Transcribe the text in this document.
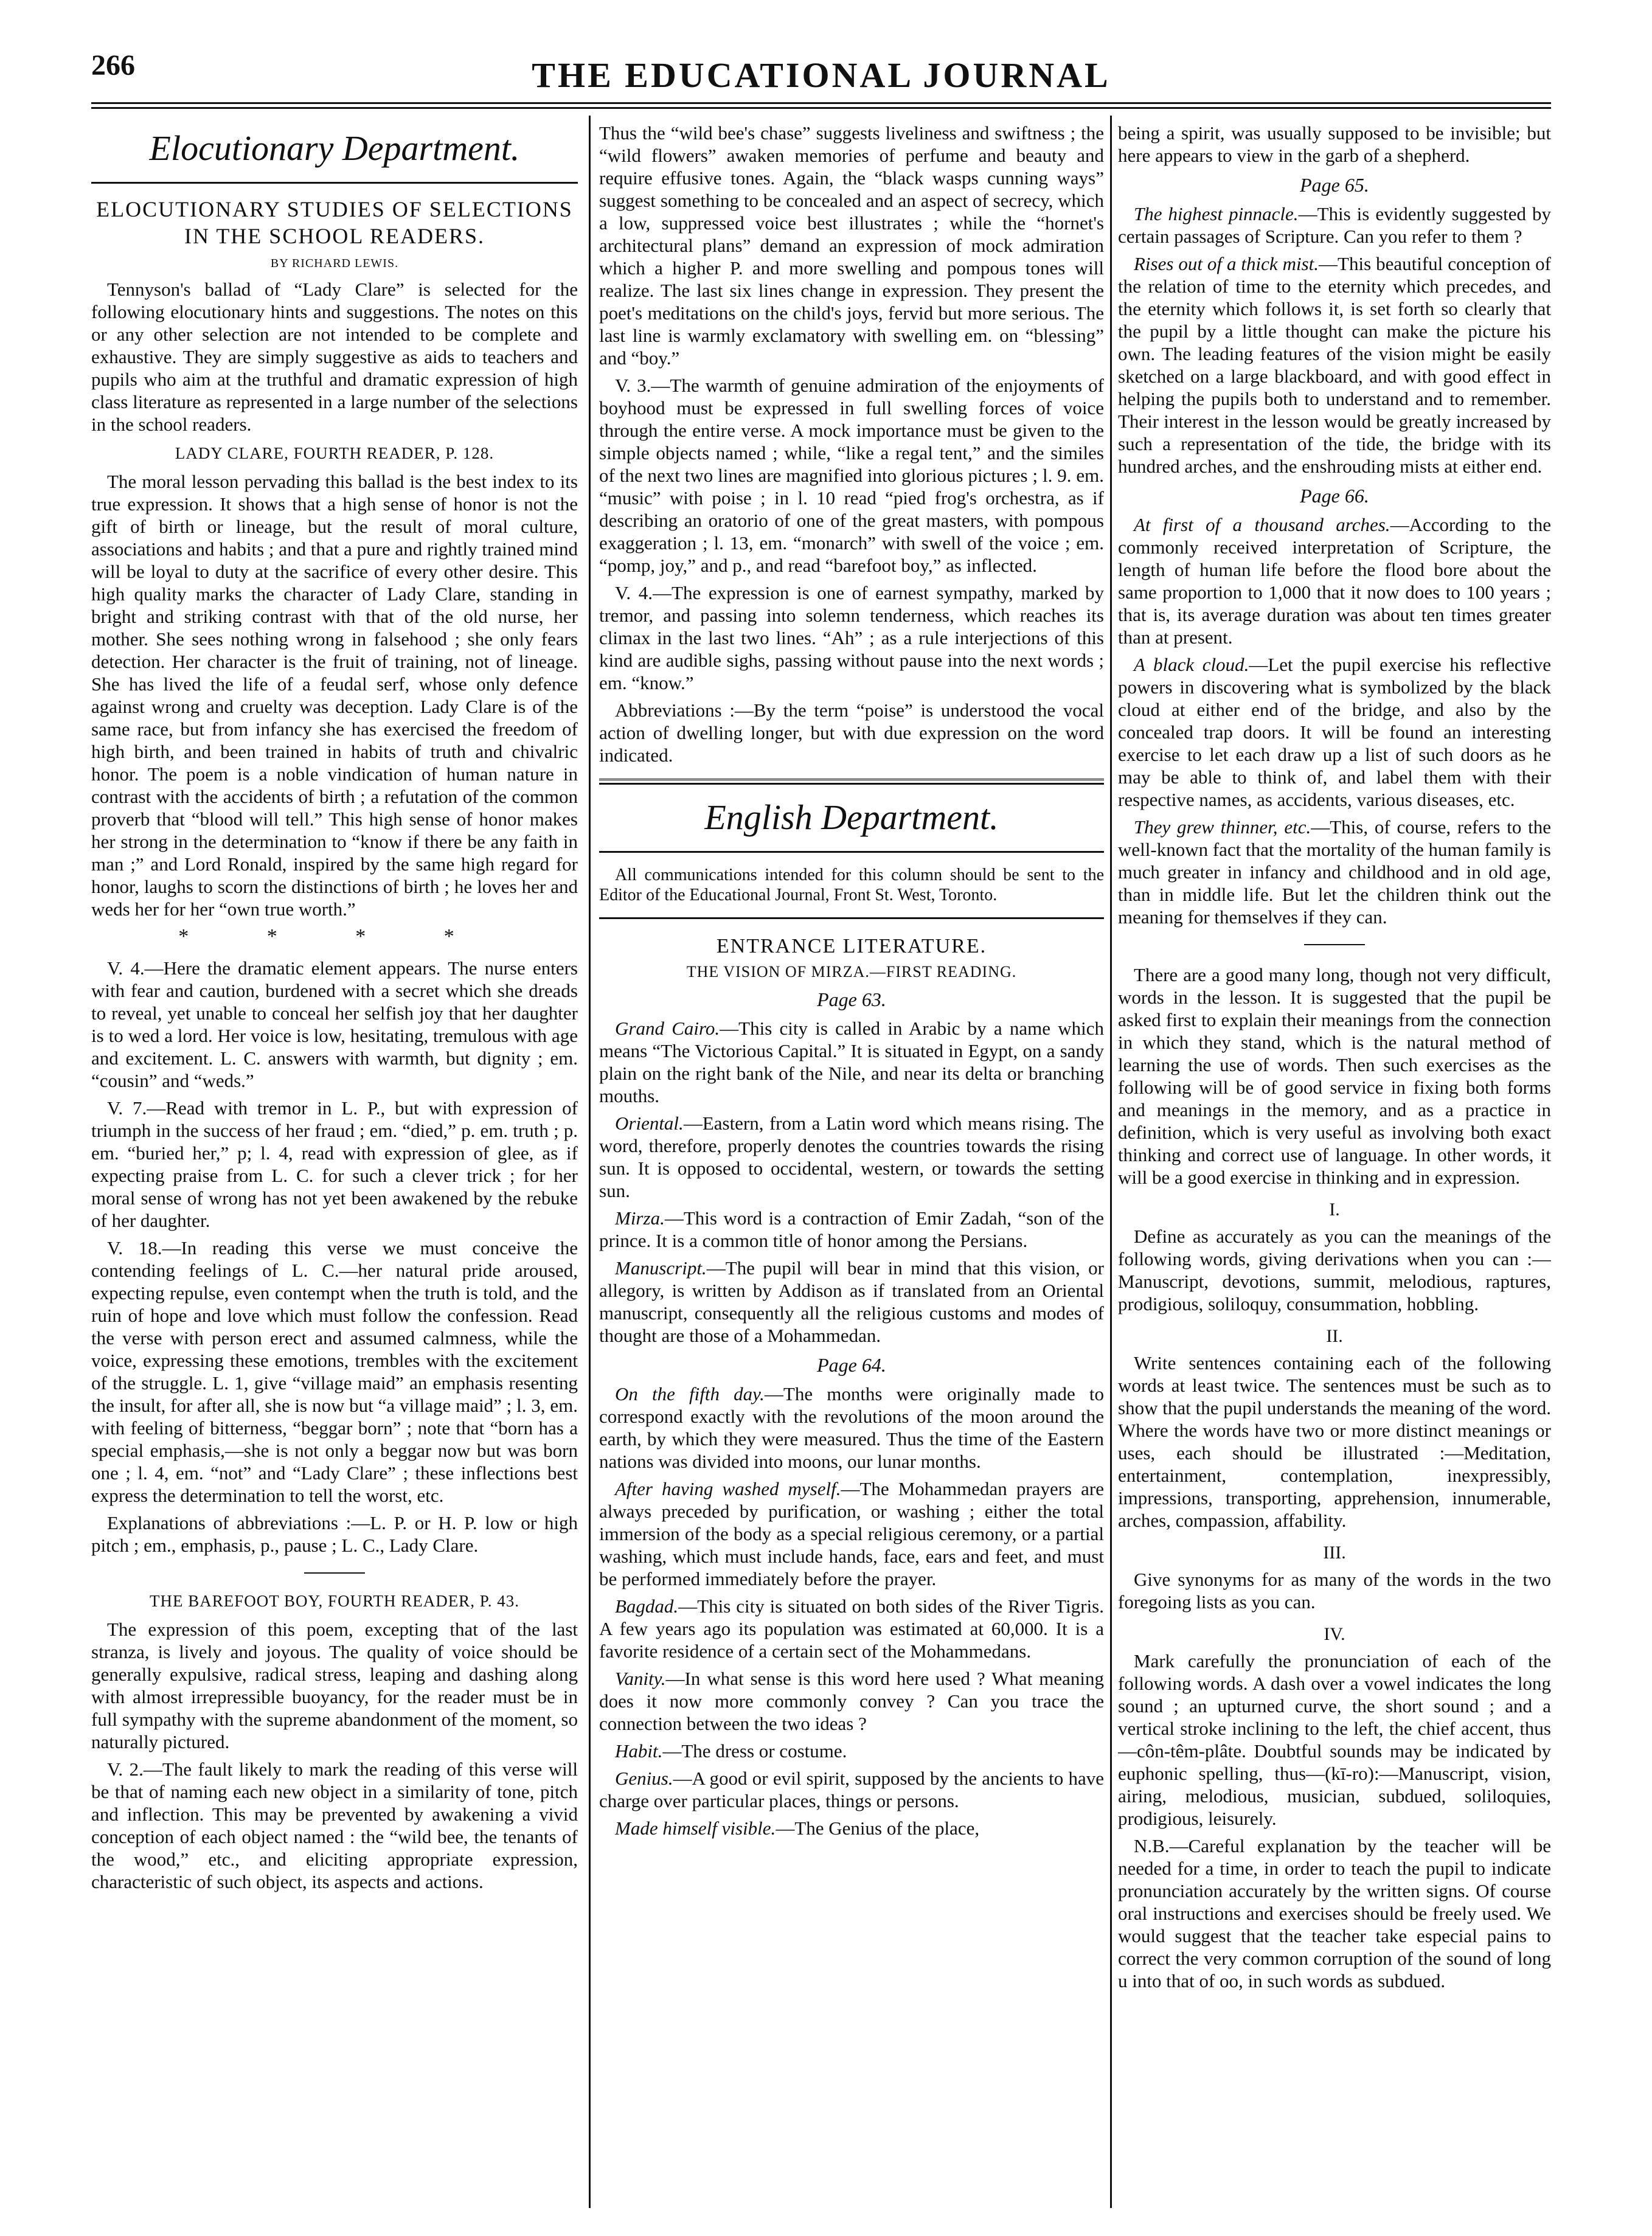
266	THE EDUCATIONAL JOURNAL
Elocutionary Department.
ELOCUTIONARY STUDIES OF SELECTIONS IN THE SCHOOL READERS.
BY RICHARD LEWIS.

Tennyson's ballad of “Lady Clare” is selected for the following elocutionary hints and suggestions. The notes on this or any other selection are not intended to be complete and exhaustive. They are simply suggestive as aids to teachers and pupils who aim at the truthful and dramatic expression of high class literature as represented in a large number of the selections in the school readers.

LADY CLARE, FOURTH READER, P. 128.

The moral lesson pervading this ballad is the best index to its true expression. It shows that a high sense of honor is not the gift of birth or lineage, but the result of moral culture, associations and habits ; and that a pure and rightly trained mind will be loyal to duty at the sacrifice of every other desire. This high quality marks the character of Lady Clare, standing in bright and striking contrast with that of the old nurse, her mother. She sees nothing wrong in falsehood ; she only fears detection. Her character is the fruit of training, not of lineage. She has lived the life of a feudal serf, whose only defence against wrong and cruelty was deception. Lady Clare is of the same race, but from infancy she has exercised the freedom of high birth, and been trained in habits of truth and chivalric honor. The poem is a noble vindication of human nature in contrast with the accidents of birth ; a refutation of the common proverb that “blood will tell.” This high sense of honor makes her strong in the determination to “know if there be any faith in man ;” and Lord Ronald, inspired by the same high regard for honor, laughs to scorn the distinctions of birth ; he loves her and weds her for her “own true worth.”

* * * *

V. 4.—Here the dramatic element appears. The nurse enters with fear and caution, burdened with a secret which she dreads to reveal, yet unable to conceal her selfish joy that her daughter is to wed a lord. Her voice is low, hesitating, tremulous with age and excitement. L. C. answers with warmth, but dignity ; em. “cousin” and “weds.”

V. 7.—Read with tremor in L. P., but with expression of triumph in the success of her fraud ; em. “died,” p. em. truth ; p. em. “buried her,” p; l. 4, read with expression of glee, as if expecting praise from L. C. for such a clever trick ; for her moral sense of wrong has not yet been awakened by the rebuke of her daughter.

V. 18.—In reading this verse we must conceive the contending feelings of L. C.—her natural pride aroused, expecting repulse, even contempt when the truth is told, and the ruin of hope and love which must follow the confession. Read the verse with person erect and assumed calmness, while the voice, expressing these emotions, trembles with the excitement of the struggle. L. 1, give “village maid” an emphasis resenting the insult, for after all, she is now but “a village maid” ; l. 3, em. with feeling of bitterness, “beggar born” ; note that “born has a special emphasis,—she is not only a beggar now but was born one ; l. 4, em. “not” and “Lady Clare” ; these inflections best express the determination to tell the worst, etc.

Explanations of abbreviations :—L. P. or H. P. low or high pitch ; em., emphasis, p., pause ; L. C., Lady Clare.

THE BAREFOOT BOY, FOURTH READER, P. 43.

The expression of this poem, excepting that of the last stranza, is lively and joyous. The quality of voice should be generally expulsive, radical stress, leaping and dashing along with almost irrepressible buoyancy, for the reader must be in full sympathy with the supreme abandonment of the moment, so naturally pictured.

V. 2.—The fault likely to mark the reading of this verse will be that of naming each new object in a similarity of tone, pitch and inflection. This may be prevented by awakening a vivid conception of each object named : the “wild bee, the tenants of the wood,” etc., and eliciting appropriate expression, characteristic of such object, its aspects and actions.

Thus the “wild bee's chase” suggests liveliness and swiftness ; the “wild flowers” awaken memories of perfume and beauty and require effusive tones. Again, the “black wasps cunning ways” suggest something to be concealed and an aspect of secrecy, which a low, suppressed voice best illustrates ; while the “hornet's architectural plans” demand an expression of mock admiration which a higher P. and more swelling and pompous tones will realize. The last six lines change in expression. They present the poet's meditations on the child's joys, fervid but more serious. The last line is warmly exclamatory with swelling em. on “blessing” and “boy.”

V. 3.—The warmth of genuine admiration of the enjoyments of boyhood must be expressed in full swelling forces of voice through the entire verse. A mock importance must be given to the simple objects named ; while, “like a regal tent,” and the similes of the next two lines are magnified into glorious pictures ; l. 9. em. “music” with poise ; in l. 10 read “pied frog's orchestra, as if describing an oratorio of one of the great masters, with pompous exaggeration ; l. 13, em. “monarch” with swell of the voice ; em. “pomp, joy,” and p., and read “barefoot boy,” as inflected.

V. 4.—The expression is one of earnest sympathy, marked by tremor, and passing into solemn tenderness, which reaches its climax in the last two lines. “Ah” ; as a rule interjections of this kind are audible sighs, passing without pause into the next words ; em. “know.”

Abbreviations :—By the term “poise” is understood the vocal action of dwelling longer, but with due expression on the word indicated.

English Department.
All communications intended for this column should be sent to the Editor of the Educational Journal, Front St. West, Toronto.
ENTRANCE LITERATURE.
THE VISION OF MIRZA.—FIRST READING.
Page 63.

Grand Cairo.—This city is called in Arabic by a name which means “The Victorious Capital.” It is situated in Egypt, on a sandy plain on the right bank of the Nile, and near its delta or branching mouths.

Oriental.—Eastern, from a Latin word which means rising. The word, therefore, properly denotes the countries towards the rising sun. It is opposed to occidental, western, or towards the setting sun.

Mirza.—This word is a contraction of Emir Zadah, “son of the prince. It is a common title of honor among the Persians.

Manuscript.—The pupil will bear in mind that this vision, or allegory, is written by Addison as if translated from an Oriental manuscript, consequently all the religious customs and modes of thought are those of a Mohammedan.

Page 64.

On the fifth day.—The months were originally made to correspond exactly with the revolutions of the moon around the earth, by which they were measured. Thus the time of the Eastern nations was divided into moons, our lunar months.

After having washed myself.—The Mohammedan prayers are always preceded by purification, or washing ; either the total immersion of the body as a special religious ceremony, or a partial washing, which must include hands, face, ears and feet, and must be performed immediately before the prayer.

Bagdad.—This city is situated on both sides of the River Tigris. A few years ago its population was estimated at 60,000. It is a favorite residence of a certain sect of the Mohammedans.

Vanity.—In what sense is this word here used ? What meaning does it now more commonly convey ? Can you trace the connection between the two ideas ?

Habit.—The dress or costume.

Genius.—A good or evil spirit, supposed by the ancients to have charge over particular places, things or persons.

Made himself visible.—The Genius of the place,

being a spirit, was usually supposed to be invisible; but here appears to view in the garb of a shepherd.

Page 65.

The highest pinnacle.—This is evidently suggested by certain passages of Scripture. Can you refer to them ?

Rises out of a thick mist.—This beautiful conception of the relation of time to the eternity which precedes, and the eternity which follows it, is set forth so clearly that the pupil by a little thought can make the picture his own. The leading features of the vision might be easily sketched on a large blackboard, and with good effect in helping the pupils both to understand and to remember. Their interest in the lesson would be greatly increased by such a representation of the tide, the bridge with its hundred arches, and the enshrouding mists at either end.

Page 66.

At first of a thousand arches.—According to the commonly received interpretation of Scripture, the length of human life before the flood bore about the same proportion to 1,000 that it now does to 100 years ; that is, its average duration was about ten times greater than at present.

A black cloud.—Let the pupil exercise his reflective powers in discovering what is symbolized by the black cloud at either end of the bridge, and also by the concealed trap doors. It will be found an interesting exercise to let each draw up a list of such doors as he may be able to think of, and label them with their respective names, as accidents, various diseases, etc.

They grew thinner, etc.—This, of course, refers to the well-known fact that the mortality of the human family is much greater in infancy and childhood and in old age, than in middle life. But let the children think out the meaning for themselves if they can.

There are a good many long, though not very difficult, words in the lesson. It is suggested that the pupil be asked first to explain their meanings from the connection in which they stand, which is the natural method of learning the use of words. Then such exercises as the following will be of good service in fixing both forms and meanings in the memory, and as a practice in definition, which is very useful as involving both exact thinking and correct use of language. In other words, it will be a good exercise in thinking and in expression.

I.

Define as accurately as you can the meanings of the following words, giving derivations when you can :—Manuscript, devotions, summit, melodious, raptures, prodigious, soliloquy, consummation, hobbling.

II.

Write sentences containing each of the following words at least twice. The sentences must be such as to show that the pupil understands the meaning of the word. Where the words have two or more distinct meanings or uses, each should be illustrated :—Meditation, entertainment, contemplation, inexpressibly, impressions, transporting, apprehension, innumerable, arches, compassion, affability.

III.

Give synonyms for as many of the words in the two foregoing lists as you can.

IV.

Mark carefully the pronunciation of each of the following words. A dash over a vowel indicates the long sound ; an upturned curve, the short sound ; and a vertical stroke inclining to the left, the chief accent, thus—côn-têm-plâte. Doubtful sounds may be indicated by euphonic spelling, thus—(kī-ro):—Manuscript, vision, airing, melodious, musician, subdued, soliloquies, prodigious, leisurely.

N.B.—Careful explanation by the teacher will be needed for a time, in order to teach the pupil to indicate pronunciation accurately by the written signs. Of course oral instructions and exercises should be freely used. We would suggest that the teacher take especial pains to correct the very common corruption of the sound of long u into that of oo, in such words as subdued.
